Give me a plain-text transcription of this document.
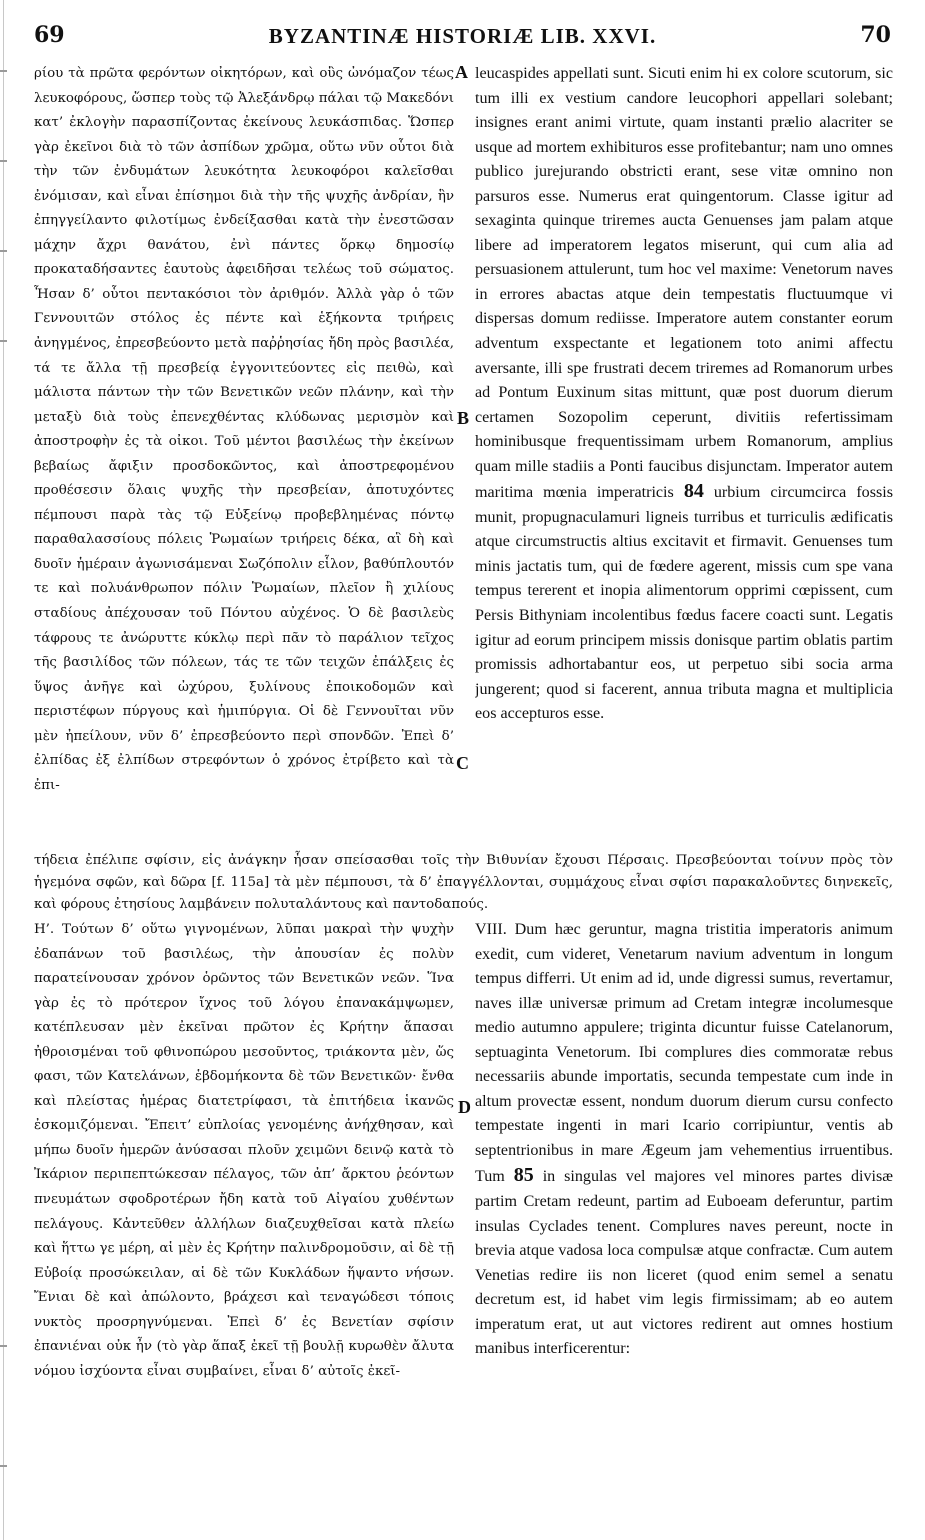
69	BYZANTINÆ HISTORIÆ LIB. XXVI.	70
A
B
C
D

ρίου τὰ πρῶτα φερόντων οἰκητόρων, καὶ οὓς ὠνόμαζον τέως λευκοφόρους, ὥσπερ τοὺς τῷ Ἀλεξάνδρῳ πάλαι τῷ Μακεδόνι κατ’ ἐκλογὴν παρασπίζοντας ἐκείνους λευκάσπιδας. Ὥσπερ γὰρ ἐκεῖνοι διὰ τὸ τῶν ἀσπίδων χρῶμα, οὕτω νῦν οὗτοι διὰ τὴν τῶν ἐνδυμάτων λευκότητα λευκοφόροι καλεῖσθαι ἐνόμισαν, καὶ εἶναι ἐπίσημοι διὰ τὴν τῆς ψυχῆς ἀνδρίαν, ἣν ἐπηγγείλαντο φιλοτίμως ἐνδείξασθαι κατὰ τὴν ἐνεστῶσαν μάχην ἄχρι θανάτου, ἐνὶ πάντες ὅρκῳ δημοσίῳ προκαταδήσαντες ἑαυτοὺς ἀφειδῆσαι τελέως τοῦ σώματος. Ἦσαν δ’ οὗτοι πεντακόσιοι τὸν ἀριθμόν. Ἀλλὰ γὰρ ὁ τῶν Γεννουιτῶν στόλος ἐς πέντε καὶ ἑξήκοντα τριήρεις ἀνηγμένος, ἐπρεσβεύοντο μετὰ παῤῥησίας ἤδη πρὸς βασιλέα, τά τε ἄλλα τῇ πρεσβείᾳ ἐγγονιτεύοντες εἰς πειθὼ, καὶ μάλιστα πάντων τὴν τῶν Βενετικῶν νεῶν πλάνην, καὶ τὴν μεταξὺ διὰ τοὺς ἐπενεχθέντας κλύδωνας μερισμὸν καὶ ἀποστροφὴν ἐς τὰ οἰκοι. Τοῦ μέντοι βασιλέως τὴν ἐκείνων βεβαίως ἄφιξιν προσδοκῶντος, καὶ ἀποστρεφομένου προθέσεσιν ὅλαις ψυχῆς τὴν πρεσβείαν, ἀποτυχόντες πέμπουσι παρὰ τὰς τῷ Εὐξείνῳ προβεβλημένας πόντῳ παραθαλασσίους πόλεις Ῥωμαίων τριήρεις δέκα, αἳ δὴ καὶ δυοῖν ἡμέραιν ἀγωνισάμεναι Σωζόπολιν εἷλον, βαθύπλουτόν τε καὶ πολυάνθρωπον πόλιν Ῥωμαίων, πλεῖον ἢ χιλίους σταδίους ἀπέχουσαν τοῦ Πόντου αὐχένος. Ὁ δὲ βασιλεὺς τάφρους τε ἀνώρυττε κύκλῳ περὶ πᾶν τὸ παράλιον τεῖχος τῆς βασιλίδος τῶν πόλεων, τάς τε τῶν τειχῶν ἐπάλξεις ἐς ὕψος ἀνῆγε καὶ ὠχύρου, ξυλίνους ἐποικοδομῶν καὶ περιστέφων πύργους καὶ ἡμιπύργια. Οἱ δὲ Γεννουῖται νῦν μὲν ἠπείλουν, νῦν δ’ ἐπρεσβεύοντο περὶ σπονδῶν. Ἐπεὶ δ’ ἐλπίδας ἐξ ἐλπίδων στρεφόντων ὁ χρόνος ἐτρίβετο καὶ τὰ ἐπι-

leucaspides appellati sunt. Sicuti enim hi ex colore scutorum, sic tum illi ex vestium candore leucophori appellari solebant; insignes erant animi virtute, quam instanti prælio alacriter se usque ad mortem exhibituros esse profitebantur; nam uno omnes publico jurejurando obstricti erant, sese vitæ omnino non parsuros esse. Numerus erat quingentorum. Classe igitur ad sexaginta quinque triremes aucta Genuenses jam palam atque libere ad imperatorem legatos miserunt, qui cum alia ad persuasionem attulerunt, tum hoc vel maxime: Venetorum naves in errores abactas atque dein tempestatis fluctuumque vi dispersas domum rediisse. Imperatore autem constanter eorum adventum exspectante et legationem toto animi affectu aversante, illi spe frustrati decem triremes ad Romanorum urbes ad Pontum Euxinum sitas mittunt, quæ post duorum dierum certamen Sozopolim ceperunt, divitiis refertissimam hominibusque frequentissimam urbem Romanorum, amplius quam mille stadiis a Ponti faucibus disjunctam. Imperator autem maritima mœnia imperatricis 84 urbium circumcirca fossis munit, propugnaculamuri ligneis turribus et turriculis ædificatis atque circumstructis altius excitavit et firmavit. Genuenses tum minis jactatis tum, qui de fœdere agerent, missis cum spe vana tempus tererent et inopia alimentorum opprimi cœpissent, cum Persis Bithyniam incolentibus fœdus facere coacti sunt. Legatis igitur ad eorum principem missis donisque partim oblatis partim promissis adhortabantur eos, ut perpetuo sibi socia arma jungerent; quod si facerent, annua tributa magna et multiplicia eos accepturos esse.

τήδεια ἐπέλιπε σφίσιν, εἰς ἀνάγκην ἧσαν σπείσασθαι τοῖς τὴν Βιθυνίαν ἔχουσι Πέρσαις. Πρεσβεύονται τοίνυν πρὸς τὸν ἡγεμόνα σφῶν, καὶ δῶρα [f. 115a] τὰ μὲν πέμπουσι, τὰ δ’ ἐπαγγέλλονται, συμμάχους εἶναι σφίσι παρακαλοῦντες διηνεκεῖς, καὶ φόρους ἐτησίους λαμβάνειν πολυταλάντους καὶ παντοδαπούς.

Η’. Τούτων δ’ οὕτω γιγνομένων, λῦπαι μακραὶ τὴν ψυχὴν ἐδαπάνων τοῦ βασιλέως, τὴν ἀπουσίαν ἐς πολὺν παρατείνουσαν χρόνον ὁρῶντος τῶν Βενετικῶν νεῶν. Ἵνα γὰρ ἐς τὸ πρότερον ἴχνος τοῦ λόγου ἐπανακάμψωμεν, κατέπλευσαν μὲν ἐκεῖναι πρῶτον ἐς Κρήτην ἅπασαι ἠθροισμέναι τοῦ φθινοπώρου μεσοῦντος, τριάκοντα μὲν, ὥς φασι, τῶν Κατελάνων, ἑβδομήκοντα δὲ τῶν Βενετικῶν· ἔνθα καὶ πλείστας ἡμέρας διατετρίφασι, τὰ ἐπιτήδεια ἱκανῶς ἐσκομιζόμεναι. Ἔπειτ’ εὐπλοίας γενομένης ἀνήχθησαν, καὶ μήπω δυοῖν ἡμερῶν ἀνύσασαι πλοῦν χειμῶνι δεινῷ κατὰ τὸ Ἰκάριον περιπεπτώκεσαν πέλαγος, τῶν ἀπ’ ἄρκτου ῥεόντων πνευμάτων σφοδροτέρων ἤδη κατὰ τοῦ Αἰγαίου χυθέντων πελάγους. Κἀντεῦθεν ἀλλήλων διαζευχθεῖσαι κατὰ πλείω καὶ ἥττω γε μέρη, αἱ μὲν ἐς Κρήτην παλινδρομοῦσιν, αἱ δὲ τῇ Εὐβοίᾳ προσώκειλαν, αἱ δὲ τῶν Κυκλάδων ἥψαντο νήσων. Ἔνιαι δὲ καὶ ἀπώλοντο, βράχεσι καὶ τεναγώδεσι τόποις νυκτὸς προσρηγνύμεναι. Ἐπεὶ δ’ ἐς Βενετίαν σφίσιν ἐπανιέναι οὐκ ἦν (τὸ γὰρ ἅπαξ ἐκεῖ τῇ βουλῇ κυρωθὲν ἄλυτα νόμου ἰσχύοντα εἶναι συμβαίνει, εἶναι δ’ αὐτοῖς ἐκεῖ-

VIII. Dum hæc geruntur, magna tristitia imperatoris animum exedit, cum videret, Venetarum navium adventum in longum tempus differri. Ut enim ad id, unde digressi sumus, revertamur, naves illæ universæ primum ad Cretam integræ incolumesque medio autumno appulere; triginta dicuntur fuisse Catelanorum, septuaginta Venetorum. Ibi complures dies commoratæ rebus necessariis abunde importatis, secunda tempestate cum inde in altum provectæ essent, nondum duorum dierum cursu confecto tempestate ingenti in mari Icario corripiuntur, ventis ab septentrionibus in mare Ægeum jam vehementius irruentibus. Tum 85 in singulas vel majores vel minores partes divisæ partim Cretam redeunt, partim ad Euboeam deferuntur, partim insulas Cyclades tenent. Complures naves pereunt, nocte in brevia atque vadosa loca compulsæ atque confractæ. Cum autem Venetias redire iis non liceret (quod enim semel a senatu decretum est, id habet vim legis firmissimam; ab eo autem imperatum erat, ut aut victores redirent aut omnes hostium manibus interficerentur:
